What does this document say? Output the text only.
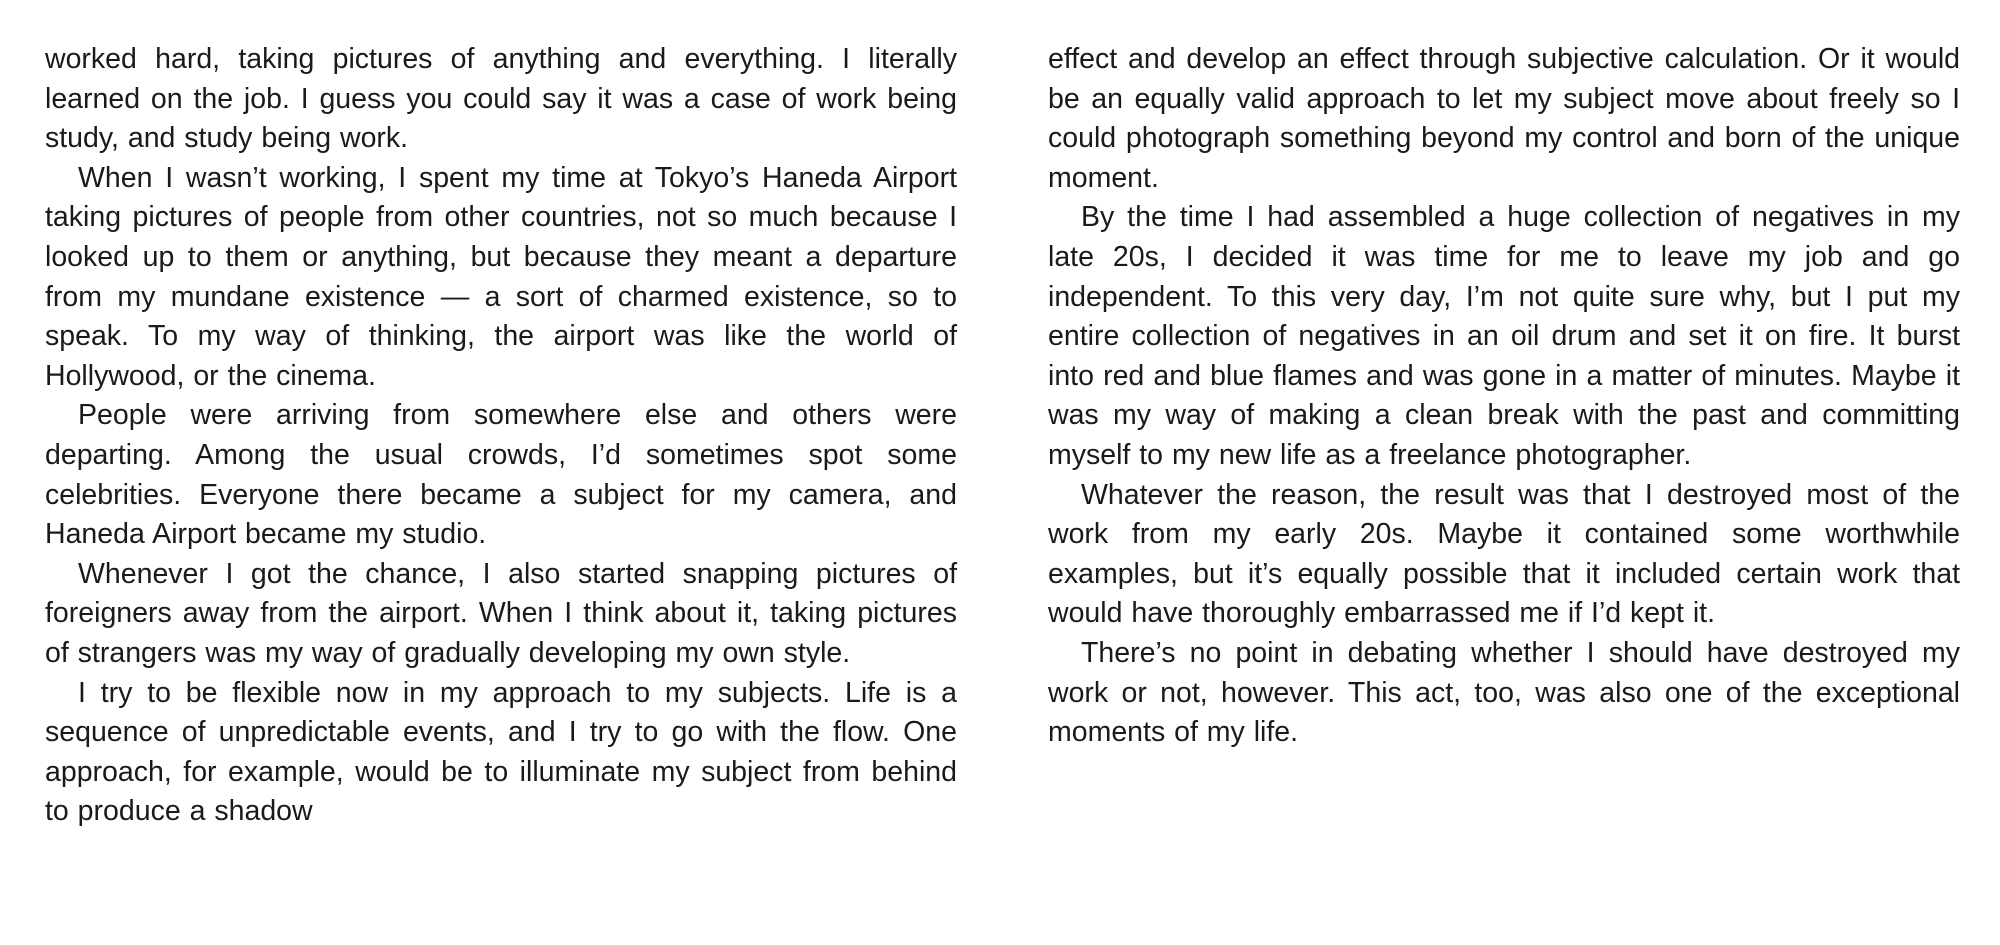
worked hard, taking pictures of anything and everything. I literally learned on the job. I guess you could say it was a case of work being study, and study being work.

When I wasn’t working, I spent my time at Tokyo’s Haneda Airport taking pictures of people from other countries, not so much because I looked up to them or anything, but because they meant a departure from my mundane existence — a sort of charmed existence, so to speak. To my way of thinking, the airport was like the world of Hollywood, or the cinema.

People were arriving from somewhere else and others were departing. Among the usual crowds, I’d sometimes spot some celebrities. Everyone there became a subject for my camera, and Haneda Airport became my studio.

Whenever I got the chance, I also started snapping pictures of foreigners away from the airport. When I think about it, taking pictures of strangers was my way of gradually developing my own style.

I try to be flexible now in my approach to my subjects. Life is a sequence of unpredictable events, and I try to go with the flow. One approach, for example, would be to illuminate my subject from behind to produce a shadow

effect and develop an effect through subjective calculation. Or it would be an equally valid approach to let my subject move about freely so I could photograph something beyond my control and born of the unique moment.

By the time I had assembled a huge collection of negatives in my late 20s, I decided it was time for me to leave my job and go independent. To this very day, I’m not quite sure why, but I put my entire collection of negatives in an oil drum and set it on fire. It burst into red and blue flames and was gone in a matter of minutes. Maybe it was my way of making a clean break with the past and committing myself to my new life as a freelance photographer.

Whatever the reason, the result was that I destroyed most of the work from my early 20s. Maybe it contained some worthwhile examples, but it’s equally possible that it included certain work that would have thoroughly embarrassed me if I’d kept it.

There’s no point in debating whether I should have destroyed my work or not, however. This act, too, was also one of the exceptional moments of my life.
